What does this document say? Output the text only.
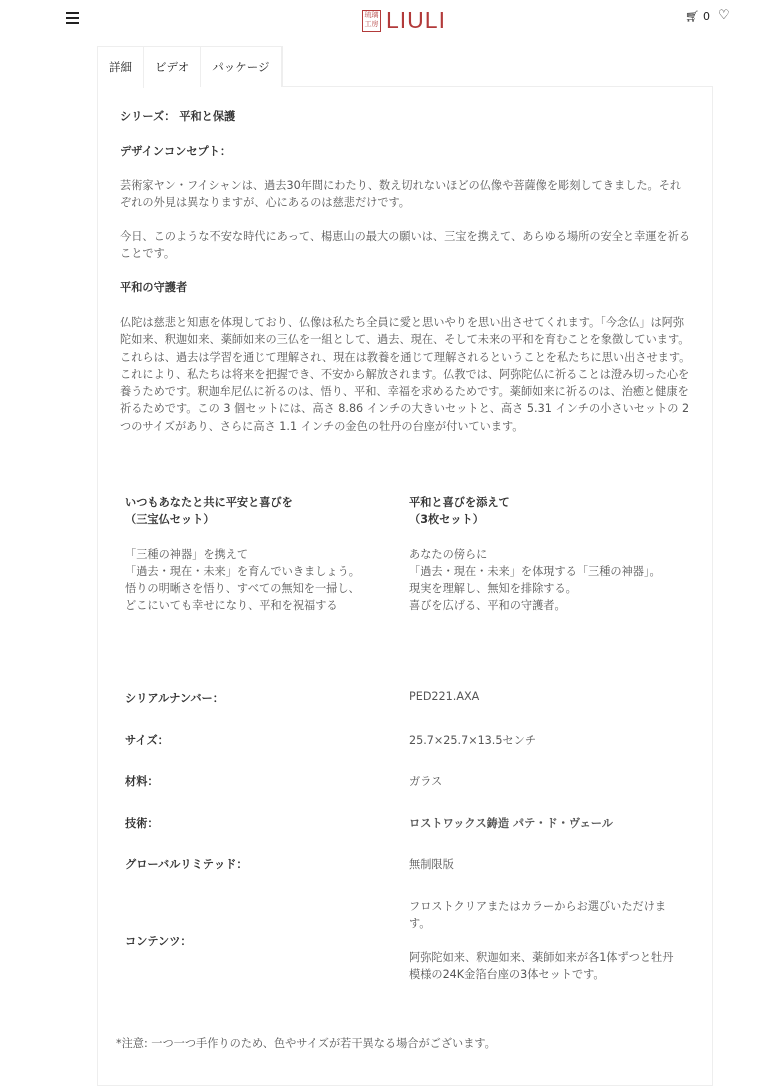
琉璃
工房 LIULI	🛒︎ 0 ♡
詳細	ビデオ	パッケージ
シリーズ： 平和と保護
デザインコンセプト：
芸術家ヤン・フイシャンは、過去30年間にわたり、数え切れないほどの仏像や菩薩像を彫刻してきました。それぞれの外見は異なりますが、心にあるのは慈悲だけです。
今日、このような不安な時代にあって、楊恵山の最大の願いは、三宝を携えて、あらゆる場所の安全と幸運を祈ることです。
平和の守護者
仏陀は慈悲と知恵を体現しており、仏像は私たち全員に愛と思いやりを思い出させてくれます。「今念仏」は阿弥陀如来、釈迦如来、薬師如来の三仏を一組として、過去、現在、そして未来の平和を育むことを象徴しています。これらは、過去は学習を通じて理解され、現在は教養を通じて理解されるということを私たちに思い出させます。これにより、私たちは将来を把握でき、不安から解放されます。仏教では、阿弥陀仏に祈ることは澄み切った心を養うためです。釈迦牟尼仏に祈るのは、悟り、平和、幸福を求めるためです。薬師如来に祈るのは、治癒と健康を祈るためです。この 3 個セットには、高さ 8.86 インチの大きいセットと、高さ 5.31 インチの小さいセットの 2 つのサイズがあり、さらに高さ 1.1 インチの金色の牡丹の台座が付いています。
いつもあなたと共に平安と喜びを
（三宝仏セット）
「三種の神器」を携えて
「過去・現在・未来」を育んでいきましょう。
悟りの明晰さを悟り、すべての無知を一掃し、
どこにいても幸せになり、平和を祝福する
平和と喜びを添えて
（3枚セット）
あなたの傍らに
「過去・現在・未来」を体現する「三種の神器」。
現実を理解し、無知を排除する。
喜びを広げる、平和の守護者。
シリアルナンバー：	PED221.AXA
サイズ：	25.7×25.7×13.5センチ
材料：	ガラス
技術：	ロストワックス鋳造 パテ・ド・ヴェール
グローバルリミテッド：	無制限版
コンテンツ：
フロストクリアまたはカラーからお選びいただけます。
阿弥陀如来、釈迦如来、薬師如来が各1体ずつと牡丹模様の24K金箔台座の3体セットです。
*注意: 一つ一つ手作りのため、色やサイズが若干異なる場合がございます。
